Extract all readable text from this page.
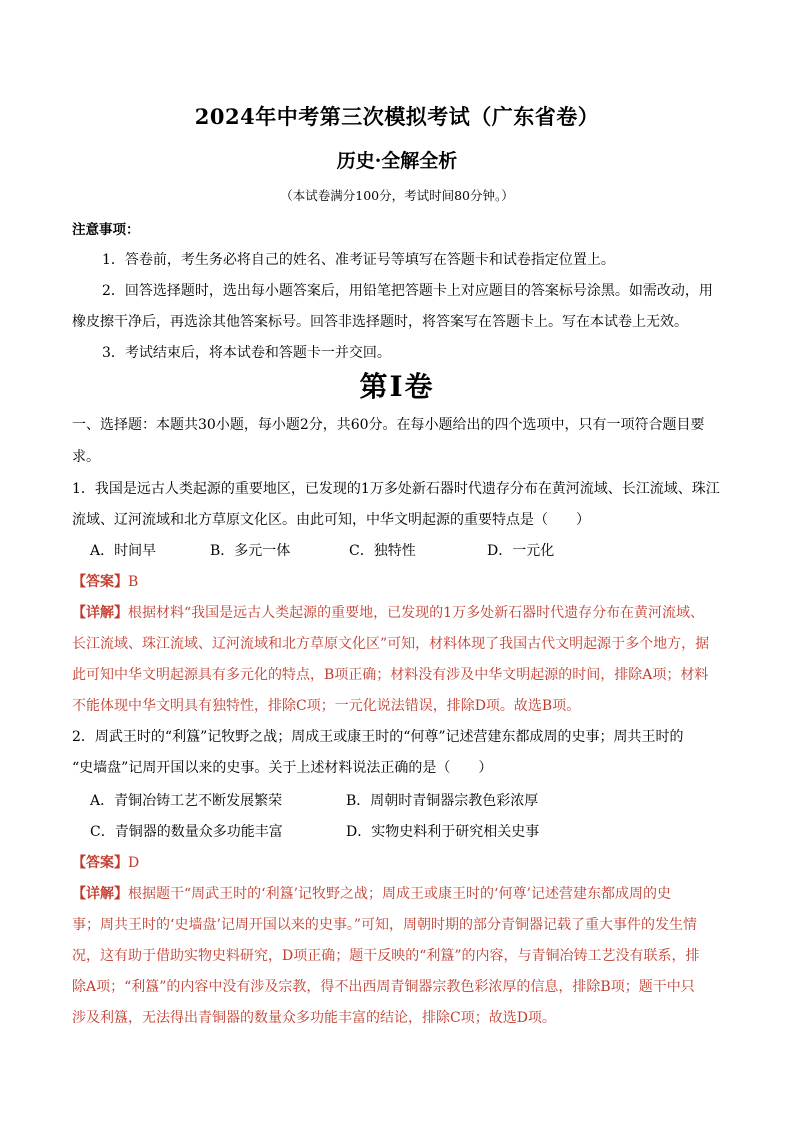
2024年中考第三次模拟考试（广东省卷）
历史·全解全析
（本试卷满分100分，考试时间80分钟。）
注意事项：
1．答卷前，考生务必将自己的姓名、准考证号等填写在答题卡和试卷指定位置上。
2．回答选择题时，选出每小题答案后，用铅笔把答题卡上对应题目的答案标号涂黑。如需改动，用
橡皮擦干净后，再选涂其他答案标号。回答非选择题时，将答案写在答题卡上。写在本试卷上无效。
3．考试结束后，将本试卷和答题卡一并交回。
第Ⅰ卷
一、选择题：本题共30小题，每小题2分，共60分。在每小题给出的四个选项中，只有一项符合题目要
求。
1．我国是远古人类起源的重要地区，已发现的1万多处新石器时代遗存分布在黄河流域、长江流域、珠江
流域、辽河流域和北方草原文化区。由此可知，中华文明起源的重要特点是（　　）
A．时间早	B．多元一体	C．独特性	D．一元化
【答案】B
【详解】根据材料“我国是远古人类起源的重要地，已发现的1万多处新石器时代遗存分布在黄河流域、
长江流域、珠江流域、辽河流域和北方草原文化区”可知，材料体现了我国古代文明起源于多个地方，据
此可知中华文明起源具有多元化的特点，B项正确；材料没有涉及中华文明起源的时间，排除A项；材料
不能体现中华文明具有独特性，排除C项；一元化说法错误，排除D项。故选B项。
2．周武王时的“利簋”记牧野之战；周成王或康王时的“何尊”记述营建东都成周的史事；周共王时的
“史墙盘”记周开国以来的史事。关于上述材料说法正确的是（　　）
A．青铜冶铸工艺不断发展繁荣	B．周朝时青铜器宗教色彩浓厚
C．青铜器的数量众多功能丰富	D．实物史料利于研究相关史事
【答案】D
【详解】根据题干“周武王时的‘利簋’记牧野之战；周成王或康王时的‘何尊’记述营建东都成周的史
事；周共王时的‘史墙盘’记周开国以来的史事。”可知，周朝时期的部分青铜器记载了重大事件的发生情
况，这有助于借助实物史料研究，D项正确；题干反映的“利簋”的内容，与青铜冶铸工艺没有联系，排
除A项；“利簋”的内容中没有涉及宗教，得不出西周青铜器宗教色彩浓厚的信息，排除B项；题干中只
涉及利簋，无法得出青铜器的数量众多功能丰富的结论，排除C项；故选D项。
